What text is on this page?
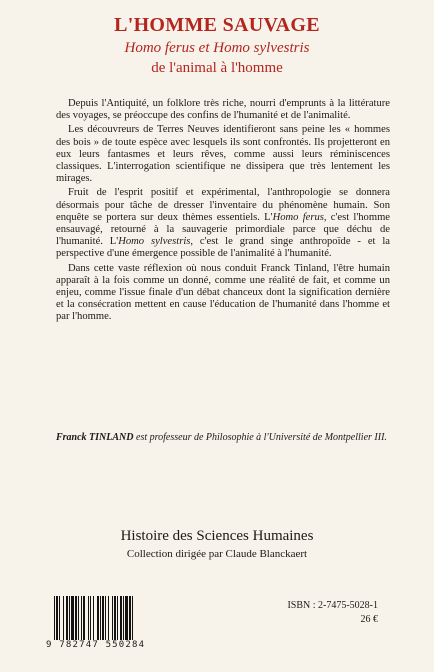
L'HOMME SAUVAGE
Homo ferus et Homo sylvestris
de l'animal à l'homme

Depuis l'Antiquité, un folklore très riche, nourri d'emprunts à la littérature des voyages, se préoccupe des confins de l'humanité et de l'animalité.

Les découvreurs de Terres Neuves identifieront sans peine les « hommes des bois » de toute espèce avec lesquels ils sont confrontés. Ils projetteront en eux leurs fantasmes et leurs rêves, comme aussi leurs réminiscences classiques. L'interrogation scientifique ne dissipera que très lentement les mirages.

Fruit de l'esprit positif et expérimental, l'anthropologie se donnera désormais pour tâche de dresser l'inventaire du phénomène humain. Son enquête se portera sur deux thèmes essentiels. L'Homo ferus, c'est l'homme ensauvagé, retourné à la sauvagerie primordiale parce que déchu de l'humanité. L'Homo sylvestris, c'est le grand singe anthropoïde - et la perspective d'une émergence possible de l'animalité à l'humanité.

Dans cette vaste réflexion où nous conduit Franck Tinland, l'être humain apparaît à la fois comme un donné, comme une réalité de fait, et comme un enjeu, comme l'issue finale d'un débat chanceux dont la signification dernière et la consécration mettent en cause l'éducation de l'humanité dans l'homme et par l'homme.

Franck TINLAND est professeur de Philosophie à l'Université de Montpellier III.
Histoire des Sciences Humaines
Collection dirigée par Claude Blanckaert
9 782747 550284
ISBN : 2-7475-5028-1
26 €
